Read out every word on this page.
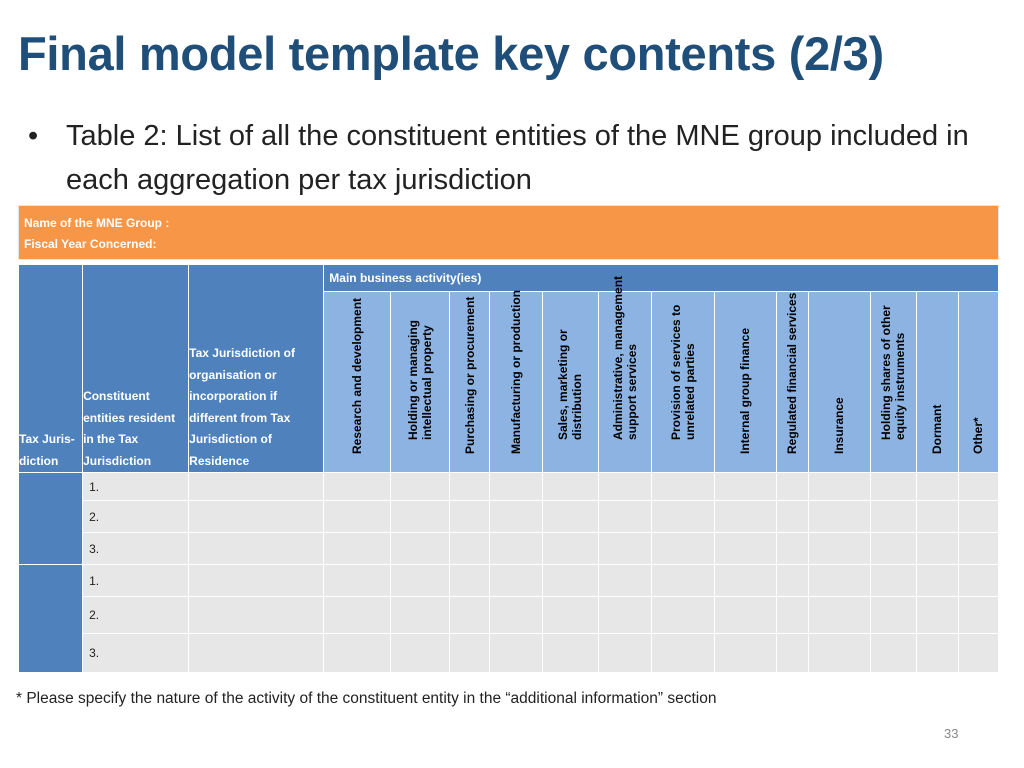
Final model template key contents (2/3)
• Table 2: List of all the constituent entities of the MNE group included in each aggregation per tax jurisdiction
Name of the MNE Group :
Fiscal Year Concerned:
Tax Juris-diction	Constituent entities resident in the Tax Jurisdiction	Tax Jurisdiction of organisation or incorporation if different from Tax Jurisdiction of Residence	Main business activity(ies)												

			Research and development	Holding or managing intellectual property	Purchasing or procurement	Manufacturing or production	Sales, marketing or distribution	Administrative, management support services	Provision of services to unrelated parties	Internal group finance	Regulated financial services	Insurance	Holding shares of other equity instruments	Dormant	Other*

	1.														
	2.														
	3.														
	1.														
	2.														
	3.														
* Please specify the nature of the activity of the constituent entity in the “additional information” section
33
